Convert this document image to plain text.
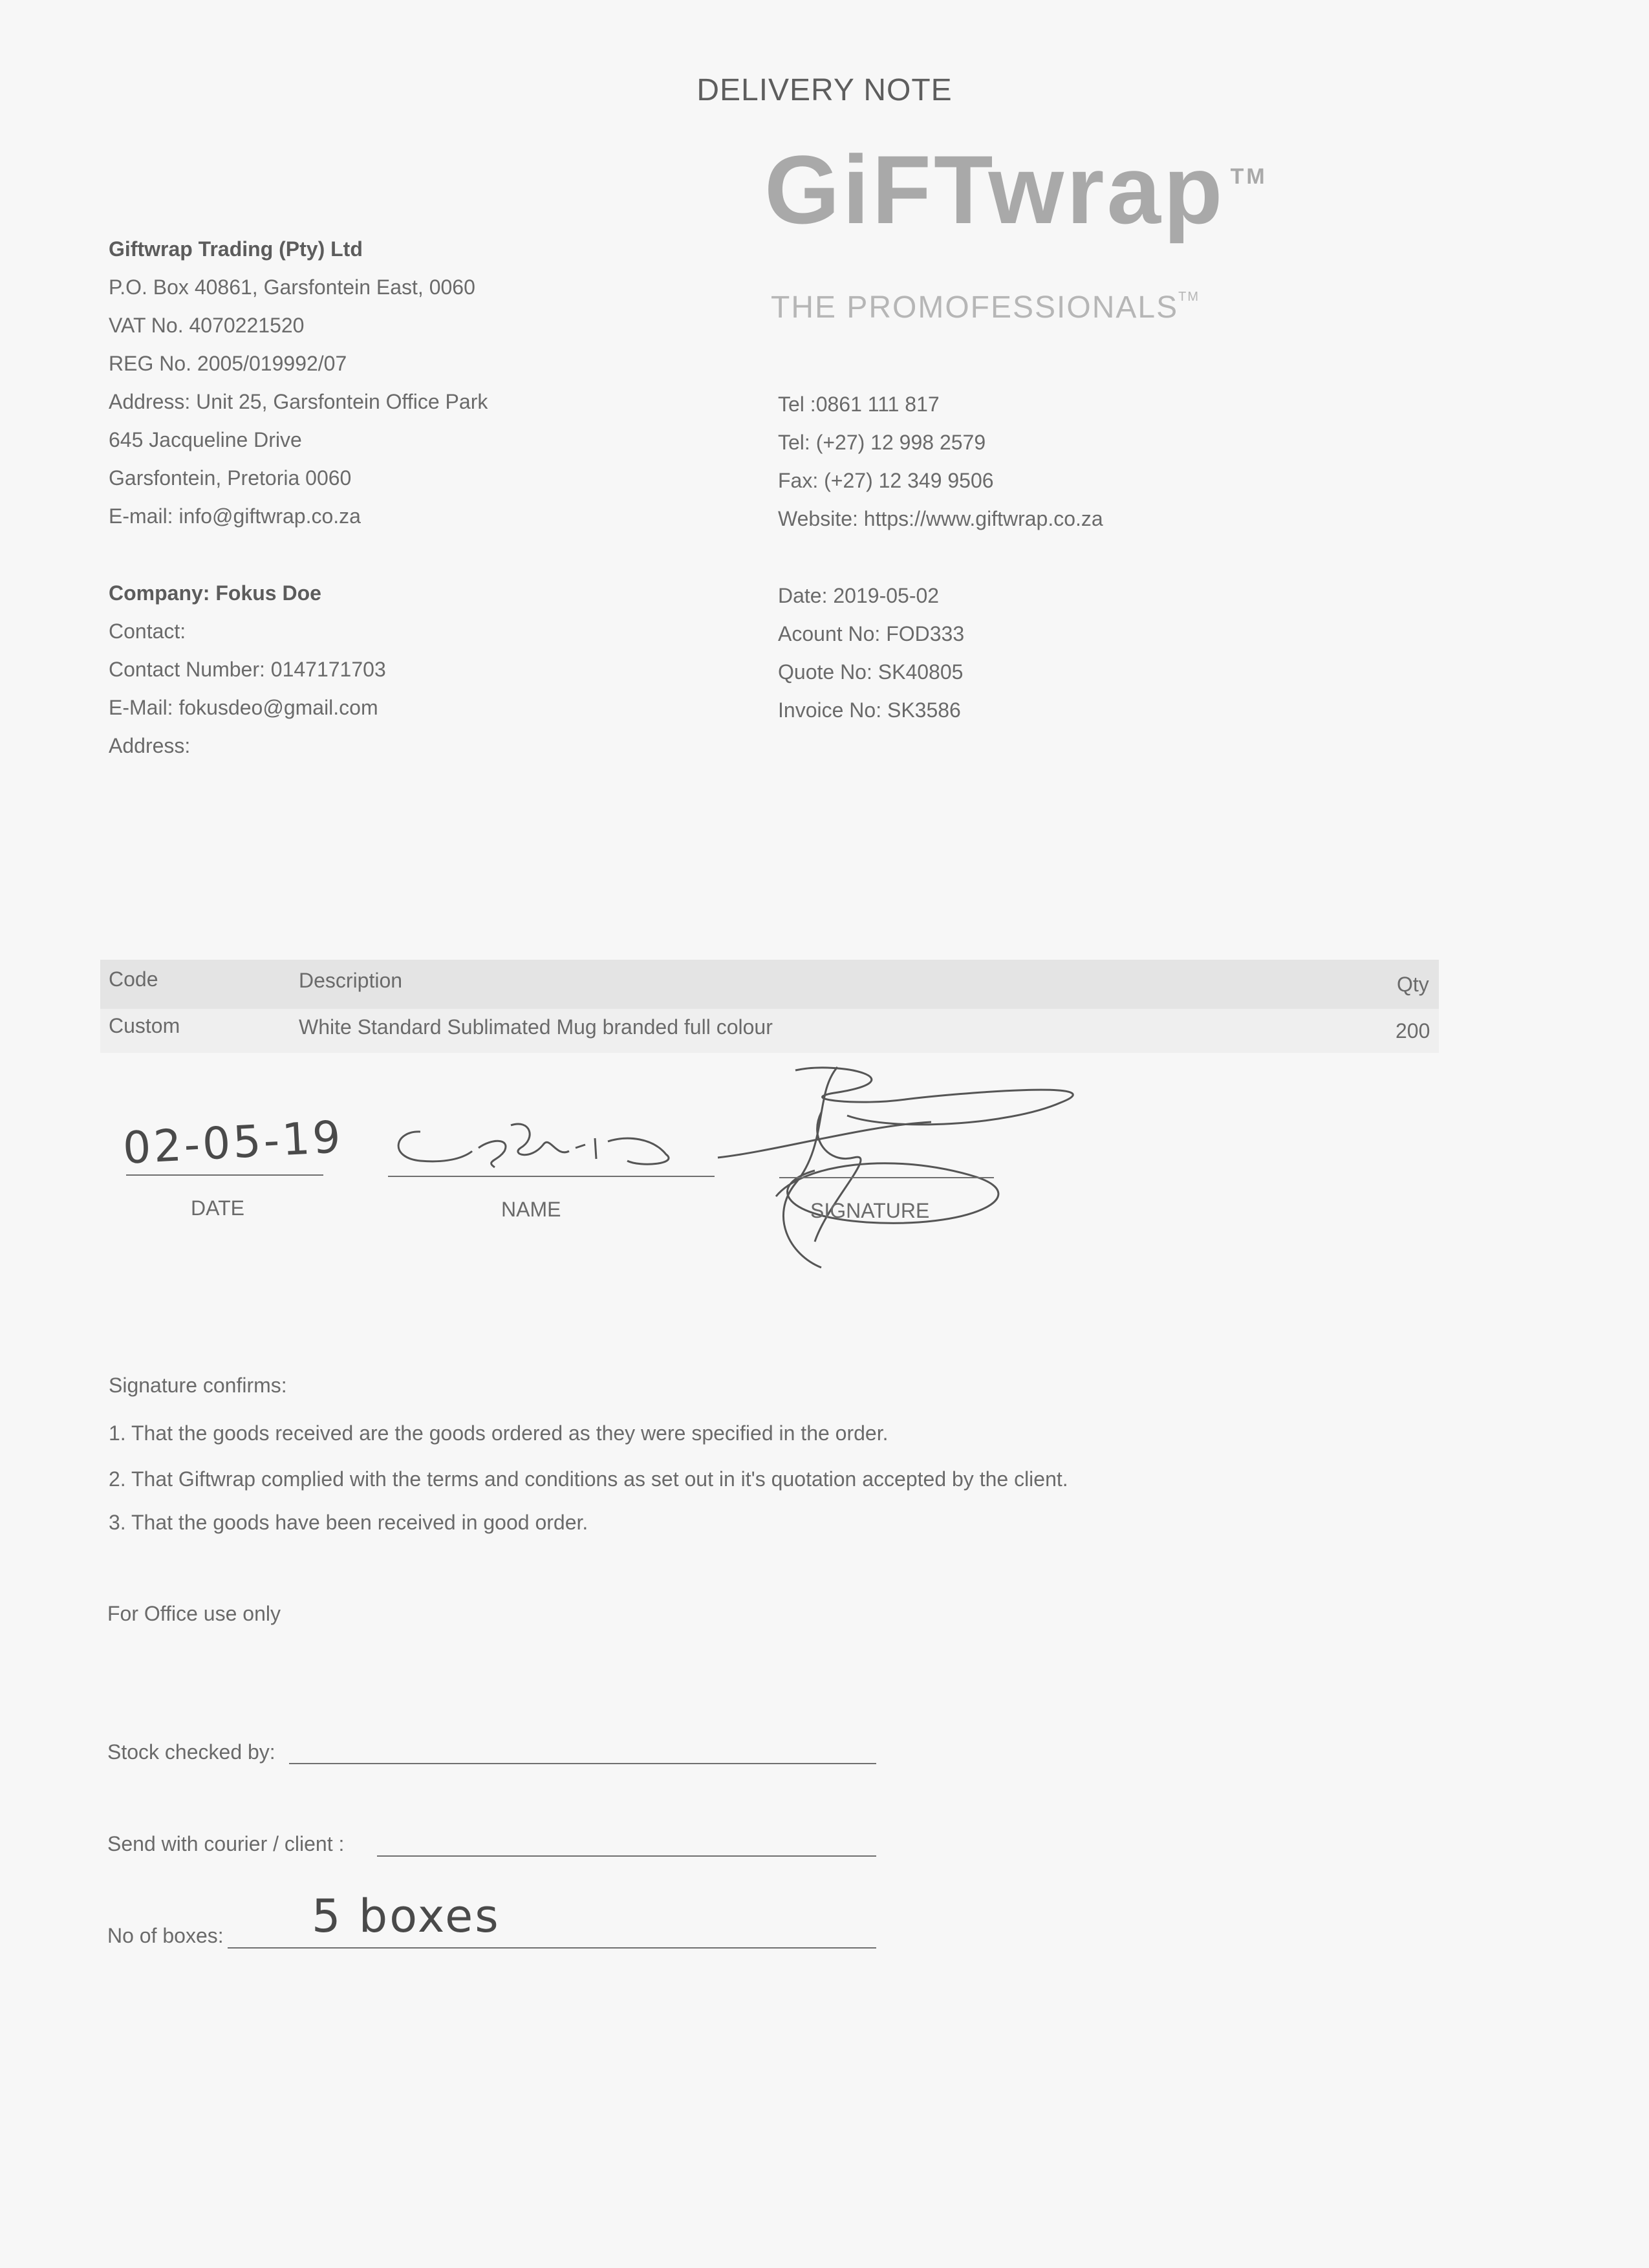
DELIVERY NOTE
GiFTwrap ™
THE PROMOFESSIONALS™
Giftwrap Trading (Pty) Ltd
P.O. Box 40861, Garsfontein East, 0060
VAT No. 4070221520
REG No. 2005/019992/07
Address: Unit 25, Garsfontein Office Park
645 Jacqueline Drive
Garsfontein, Pretoria 0060
E-mail: info@giftwrap.co.za
Tel :0861 111 817
Tel: (+27) 12 998 2579
Fax: (+27) 12 349 9506
Website: https://www.giftwrap.co.za
Company: Fokus Doe
Contact:
Contact Number: 0147171703
E-Mail: fokusdeo@gmail.com
Address:
Date: 2019-05-02
Acount No: FOD333
Quote No: SK40805
Invoice No: SK3586
Code	Description	Qty
Custom	White Standard Sublimated Mug branded full colour	200
02-05-19
DATE	NAME	SIGNATURE
Signature confirms:
1. That the goods received are the goods ordered as they were specified in the order.
2. That Giftwrap complied with the terms and conditions as set out in it's quotation accepted by the client.
3. That the goods have been received in good order.
For Office use only
Stock checked by:
Send with courier / client :
No of boxes: 5 boxes
